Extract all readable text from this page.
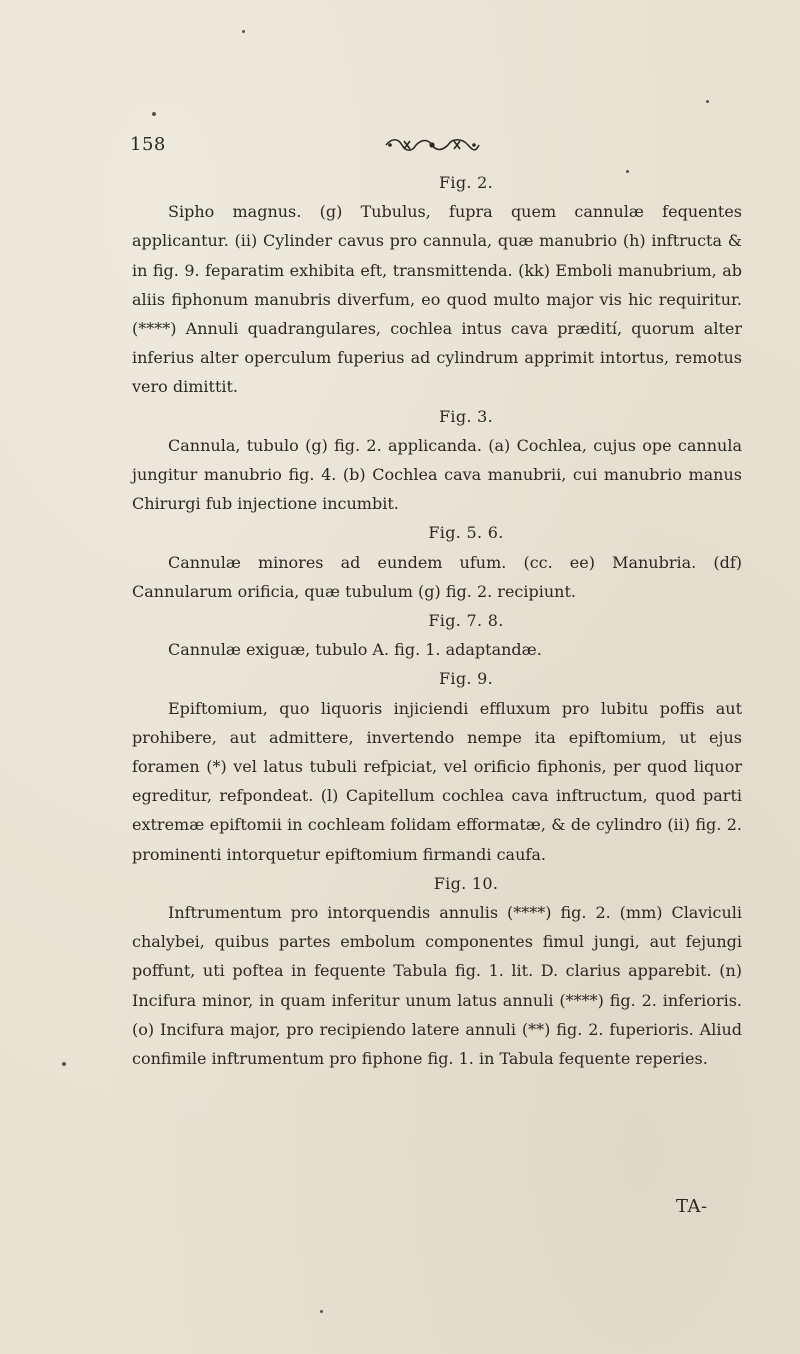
158
Fig. 2.

Sipho magnus. (g) Tubulus, fupra quem cannulæ fequentes applicantur. (ii) Cylinder cavus pro cannula, quæ manubrio (h) inftructa & in fig. 9. feparatim exhibita eft, transmittenda. (kk) Emboli manubrium, ab aliis fiphonum manubris diverfum, eo quod multo major vis hic requiritur. (****) Annuli quadrangulares, cochlea intus cava prædití, quorum alter inferius alter operculum fuperius ad cylindrum apprimit intortus, remotus vero dimittit.

Fig. 3.

Cannula, tubulo (g) fig. 2. applicanda. (a) Cochlea, cujus ope cannula jungitur manubrio fig. 4. (b) Cochlea cava manubrii, cui manubrio manus Chirurgi fub injectione incumbit.

Fig. 5. 6.

Cannulæ minores ad eundem ufum. (cc. ee) Manubria. (df) Cannularum orificia, quæ tubulum (g) fig. 2. recipiunt.

Fig. 7. 8.

Cannulæ exiguæ, tubulo A. fig. 1. adaptandæ.

Fig. 9.

Epiftomium, quo liquoris injiciendi effluxum pro lubitu poffis aut prohibere, aut admittere, invertendo nempe ita epiftomium, ut ejus foramen (*) vel latus tubuli refpiciat, vel orificio fiphonis, per quod liquor egreditur, refpondeat. (l) Capitellum cochlea cava inftructum, quod parti extremæ epiftomii in cochleam folidam efformatæ, & de cylindro (ii) fig. 2. prominenti intorquetur epiftomium firmandi caufa.

Fig. 10.

Inftrumentum pro intorquendis annulis (****) fig. 2. (mm) Claviculi chalybei, quibus partes embolum componentes fimul jungi, aut fejungi poffunt, uti poftea in fequente Tabula fig. 1. lit. D. clarius apparebit. (n) Incifura minor, in quam inferitur unum latus annuli (****) fig. 2. inferioris. (o) Incifura major, pro recipiendo latere annuli (**) fig. 2. fuperioris. Aliud confimile inftrumentum pro fiphone fig. 1. in Tabula fequente reperies.

TA-
